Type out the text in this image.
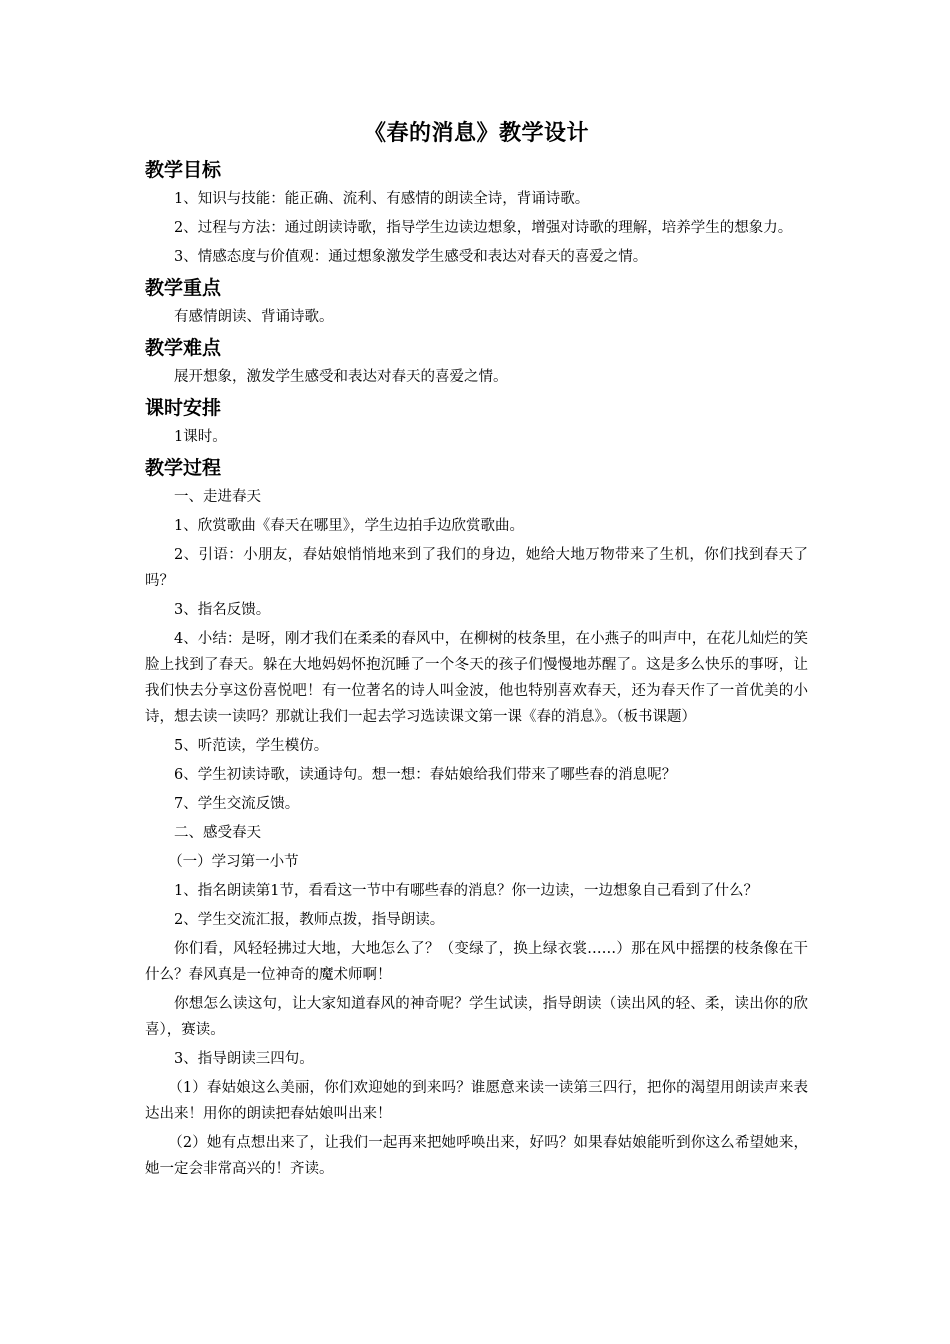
《春的消息》教学设计
教学目标

1、知识与技能：能正确、流利、有感情的朗读全诗，背诵诗歌。

2、过程与方法：通过朗读诗歌，指导学生边读边想象，增强对诗歌的理解，培养学生的想象力。

3、情感态度与价值观：通过想象激发学生感受和表达对春天的喜爱之情。

教学重点

有感情朗读、背诵诗歌。

教学难点

展开想象，激发学生感受和表达对春天的喜爱之情。

课时安排

1课时。

教学过程

一、走进春天

1、欣赏歌曲《春天在哪里》，学生边拍手边欣赏歌曲。

2、引语：小朋友，春姑娘悄悄地来到了我们的身边，她给大地万物带来了生机，你们找到春天了吗？

3、指名反馈。

4、小结：是呀，刚才我们在柔柔的春风中，在柳树的枝条里，在小燕子的叫声中，在花儿灿烂的笑脸上找到了春天。躲在大地妈妈怀抱沉睡了一个冬天的孩子们慢慢地苏醒了。这是多么快乐的事呀，让我们快去分享这份喜悦吧！有一位著名的诗人叫金波，他也特别喜欢春天，还为春天作了一首优美的小诗，想去读一读吗？那就让我们一起去学习选读课文第一课《春的消息》。（板书课题）

5、听范读，学生模仿。

6、学生初读诗歌，读通诗句。想一想：春姑娘给我们带来了哪些春的消息呢？

7、学生交流反馈。

二、感受春天

（一）学习第一小节

1、指名朗读第1节，看看这一节中有哪些春的消息？你一边读，一边想象自己看到了什么？

2、学生交流汇报，教师点拨，指导朗读。

你们看，风轻轻拂过大地，大地怎么了？（变绿了，换上绿衣裳……）那在风中摇摆的枝条像在干什么？春风真是一位神奇的魔术师啊！

你想怎么读这句，让大家知道春风的神奇呢？学生试读，指导朗读（读出风的轻、柔，读出你的欣喜），赛读。

3、指导朗读三四句。

（1）春姑娘这么美丽，你们欢迎她的到来吗？谁愿意来读一读第三四行，把你的渴望用朗读声来表达出来！用你的朗读把春姑娘叫出来！

（2）她有点想出来了，让我们一起再来把她呼唤出来，好吗？如果春姑娘能听到你这么希望她来，她一定会非常高兴的！齐读。
